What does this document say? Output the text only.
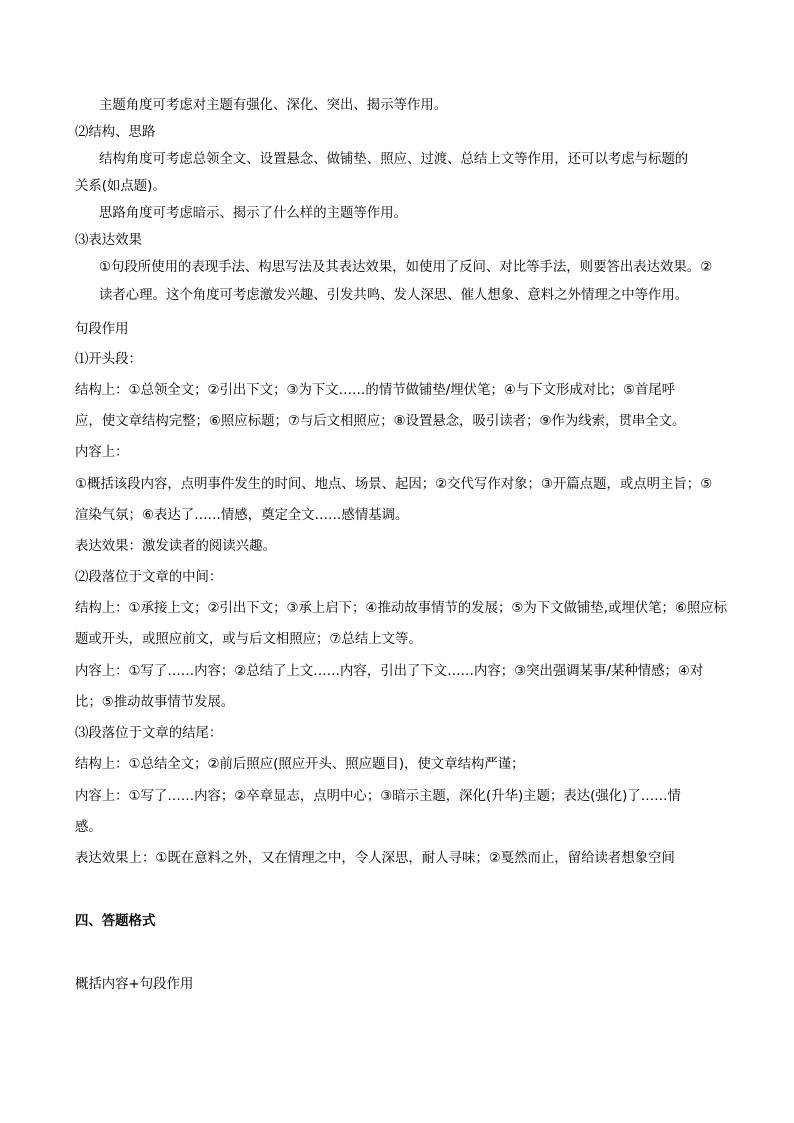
主题角度可考虑对主题有强化、深化、突出、揭示等作用。
⑵结构、思路
结构角度可考虑总领全文、设置悬念、做铺垫、照应、过渡、总结上文等作用，还可以考虑与标题的
关系(如点题)。
思路角度可考虑暗示、揭示了什么样的主题等作用。
⑶表达效果
①句段所使用的表现手法、构思写法及其表达效果，如使用了反问、对比等手法，则要答出表达效果。②
读者心理。这个角度可考虑激发兴趣、引发共鸣、发人深思、催人想象、意料之外情理之中等作用。
句段作用
⑴开头段：
结构上：①总领全文；②引出下文；③为下文……的情节做铺垫/埋伏笔；④与下文形成对比；⑤首尾呼
应，使文章结构完整；⑥照应标题；⑦与后文相照应；⑧设置悬念，吸引读者；⑨作为线索，贯串全文。
内容上：
①概括该段内容，点明事件发生的时间、地点、场景、起因；②交代写作对象；③开篇点题，或点明主旨；⑤
渲染气氛；⑥表达了……情感，奠定全文……感情基调。
表达效果：激发读者的阅读兴趣。
⑵段落位于文章的中间：
结构上：①承接上文；②引出下文；③承上启下；④推动故事情节的发展；⑤为下文做铺垫,或埋伏笔；⑥照应标
题或开头，或照应前文，或与后文相照应；⑦总结上文等。
内容上：①写了……内容；②总结了上文……内容，引出了下文……内容；③突出强调某事/某种情感；④对
比；⑤推动故事情节发展。
⑶段落位于文章的结尾：
结构上：①总结全文；②前后照应(照应开头、照应题目)，使文章结构严谨；
内容上：①写了……内容；②卒章显志，点明中心；③暗示主题，深化(升华)主题；表达(强化)了……情
感。
表达效果上：①既在意料之外，又在情理之中，令人深思，耐人寻味；②戛然而止，留给读者想象空间
四、答题格式
概括内容+句段作用
